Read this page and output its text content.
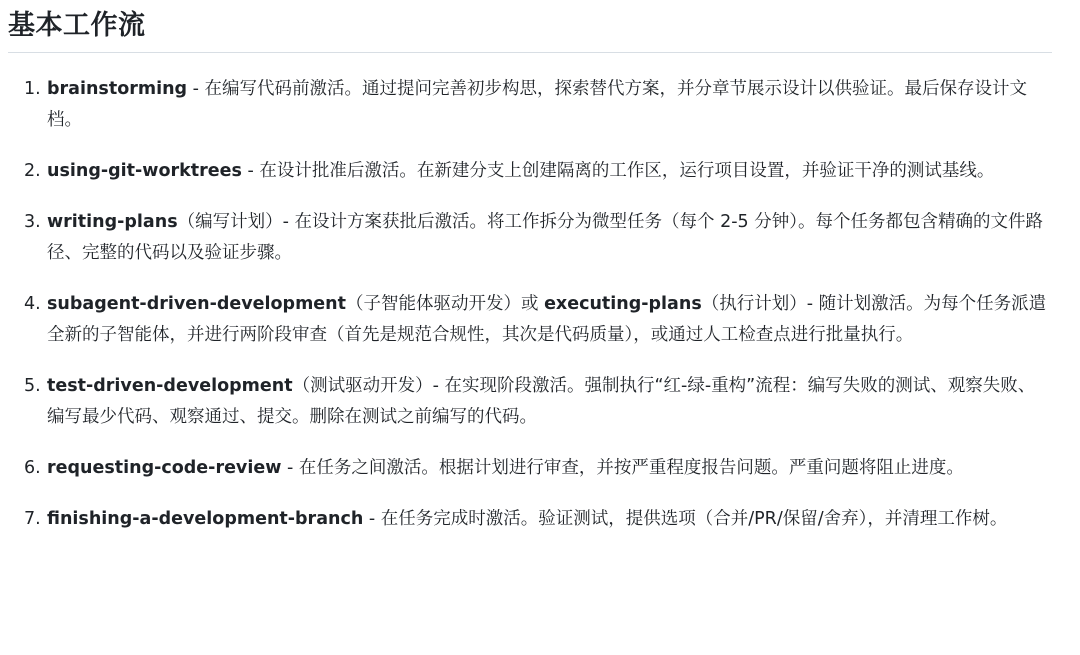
基本工作流
1. brainstorming - 在编写代码前激活。通过提问完善初步构思，探索替代方案，并分章节展示设计以供验证。最后保存设计文档。
2. using-git-worktrees - 在设计批准后激活。在新建分支上创建隔离的工作区，运行项目设置，并验证干净的测试基线。
3. writing-plans（编写计划）- 在设计方案获批后激活。将工作拆分为微型任务（每个 2-5 分钟）。每个任务都包含精确的文件路径、完整的代码以及验证步骤。
4. subagent-driven-development（子智能体驱动开发）或 executing-plans（执行计划）- 随计划激活。为每个任务派遣全新的子智能体，并进行两阶段审查（首先是规范合规性，其次是代码质量），或通过人工检查点进行批量执行。
5. test-driven-development（测试驱动开发）- 在实现阶段激活。强制执行“红-绿-重构”流程：编写失败的测试、观察失败、编写最少代码、观察通过、提交。删除在测试之前编写的代码。
6. requesting-code-review - 在任务之间激活。根据计划进行审查，并按严重程度报告问题。严重问题将阻止进度。
7. finishing-a-development-branch - 在任务完成时激活。验证测试，提供选项（合并/PR/保留/舍弃），并清理工作树。
